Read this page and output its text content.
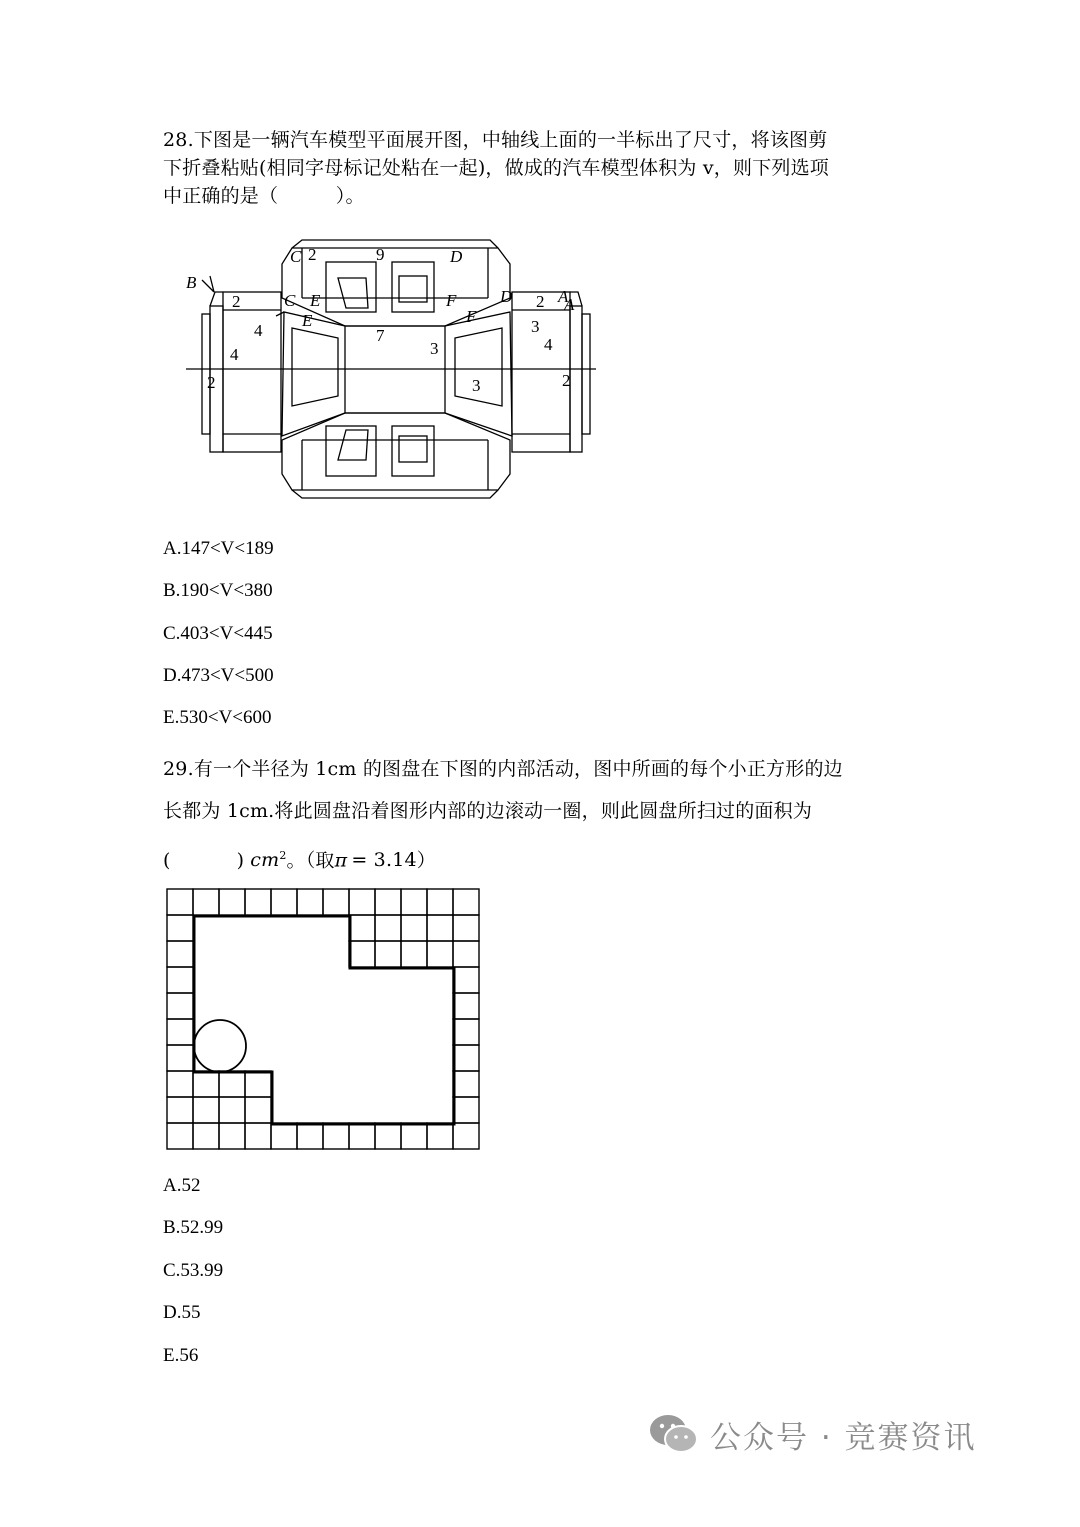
28.下图是一辆汽车模型平面展开图，中轴线上面的一半标出了尺寸，将该图剪
下折叠粘贴(相同字母标记处粘在一起)，做成的汽车模型体积为 v，则下列选项
中正确的是（　　　）。
B
C
C E
E
D
D
F
F
A
A
2	9
2
4
4
2
7
3
3
2
3
4
2
A.147<V<189
B.190<V<380
C.403<V<445
D.473<V<500
E.530<V<600
29.有一个半径为 1cm 的图盘在下图的内部活动，图中所画的每个小正方形的边
长都为 1cm.将此圆盘沿着图形内部的边滚动一圈，则此圆盘所扫过的面积为
(	) $cm^2$。（取π = 3.14）
A.52
B.52.99
C.53.99
D.55
E.56
公众号 · 竞赛资讯
